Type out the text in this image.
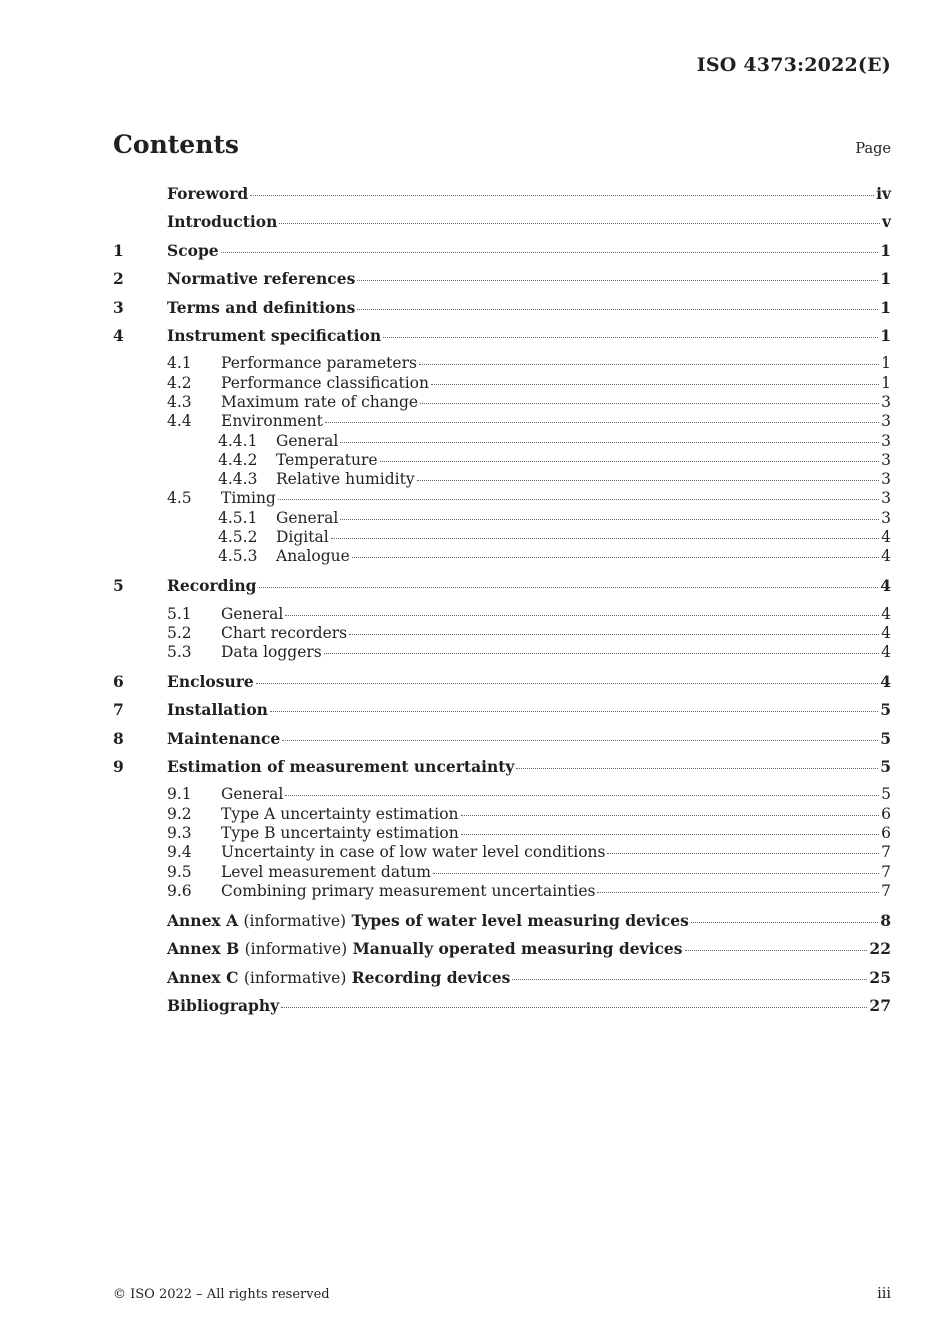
ISO 4373:2022(E)
Contents	Page
Foreword	iv
Introduction	v
1	Scope	1
2	Normative references	1
3	Terms and definitions	1
4	Instrument specification	1
4.1	Performance parameters	1
4.2	Performance classification	1
4.3	Maximum rate of change	3
4.4	Environment	3
4.4.1	General	3
4.4.2	Temperature	3
4.4.3	Relative humidity	3
4.5	Timing	3
4.5.1	General	3
4.5.2	Digital	4
4.5.3	Analogue	4
5	Recording	4
5.1	General	4
5.2	Chart recorders	4
5.3	Data loggers	4
6	Enclosure	4
7	Installation	5
8	Maintenance	5
9	Estimation of measurement uncertainty	5
9.1	General	5
9.2	Type A uncertainty estimation	6
9.3	Type B uncertainty estimation	6
9.4	Uncertainty in case of low water level conditions	7
9.5	Level measurement datum	7
9.6	Combining primary measurement uncertainties	7
Annex A (informative) Types of water level measuring devices	8
Annex B (informative) Manually operated measuring devices	22
Annex C (informative) Recording devices	25
Bibliography	27
© ISO 2022 – All rights reserved	iii
